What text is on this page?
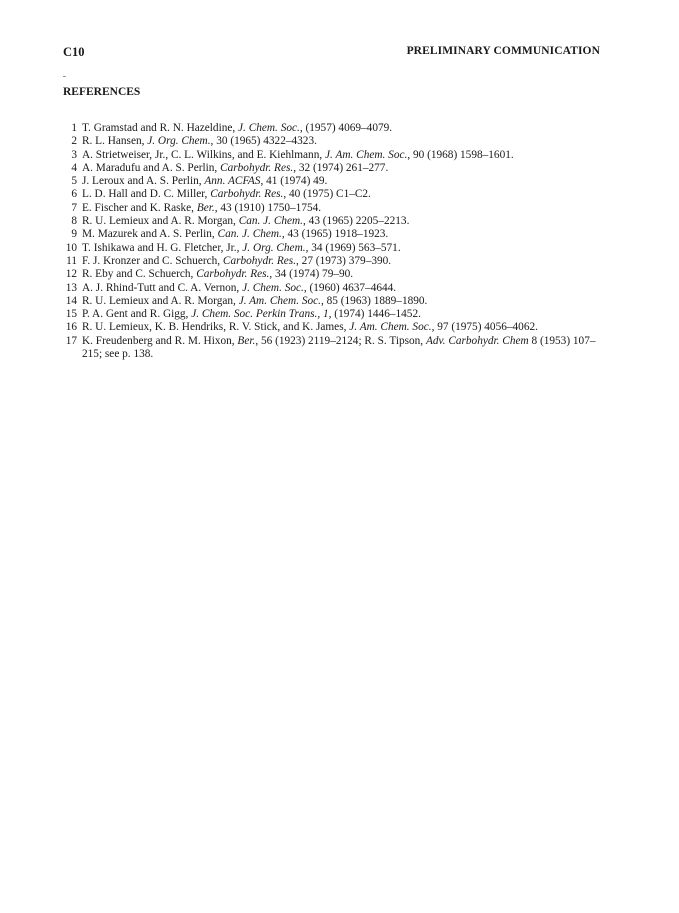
C10	PRELIMINARY COMMUNICATION
REFERENCES
1 T. Gramstad and R. N. Hazeldine, J. Chem. Soc., (1957) 4069–4079.
2 R. L. Hansen, J. Org. Chem., 30 (1965) 4322–4323.
3 A. Strietweiser, Jr., C. L. Wilkins, and E. Kiehlmann, J. Am. Chem. Soc., 90 (1968) 1598–1601.
4 A. Maradufu and A. S. Perlin, Carbohydr. Res., 32 (1974) 261–277.
5 J. Leroux and A. S. Perlin, Ann. ACFAS, 41 (1974) 49.
6 L. D. Hall and D. C. Miller, Carbohydr. Res., 40 (1975) C1–C2.
7 E. Fischer and K. Raske, Ber., 43 (1910) 1750–1754.
8 R. U. Lemieux and A. R. Morgan, Can. J. Chem., 43 (1965) 2205–2213.
9 M. Mazurek and A. S. Perlin, Can. J. Chem., 43 (1965) 1918–1923.
10 T. Ishikawa and H. G. Fletcher, Jr., J. Org. Chem., 34 (1969) 563–571.
11 F. J. Kronzer and C. Schuerch, Carbohydr. Res., 27 (1973) 379–390.
12 R. Eby and C. Schuerch, Carbohydr. Res., 34 (1974) 79–90.
13 A. J. Rhind-Tutt and C. A. Vernon, J. Chem. Soc., (1960) 4637–4644.
14 R. U. Lemieux and A. R. Morgan, J. Am. Chem. Soc., 85 (1963) 1889–1890.
15 P. A. Gent and R. Gigg, J. Chem. Soc. Perkin Trans., 1, (1974) 1446–1452.
16 R. U. Lemieux, K. B. Hendriks, R. V. Stick, and K. James, J. Am. Chem. Soc., 97 (1975) 4056–4062.
17 K. Freudenberg and R. M. Hixon, Ber., 56 (1923) 2119–2124; R. S. Tipson, Adv. Carbohydr. Chem 8 (1953) 107–215; see p. 138.
